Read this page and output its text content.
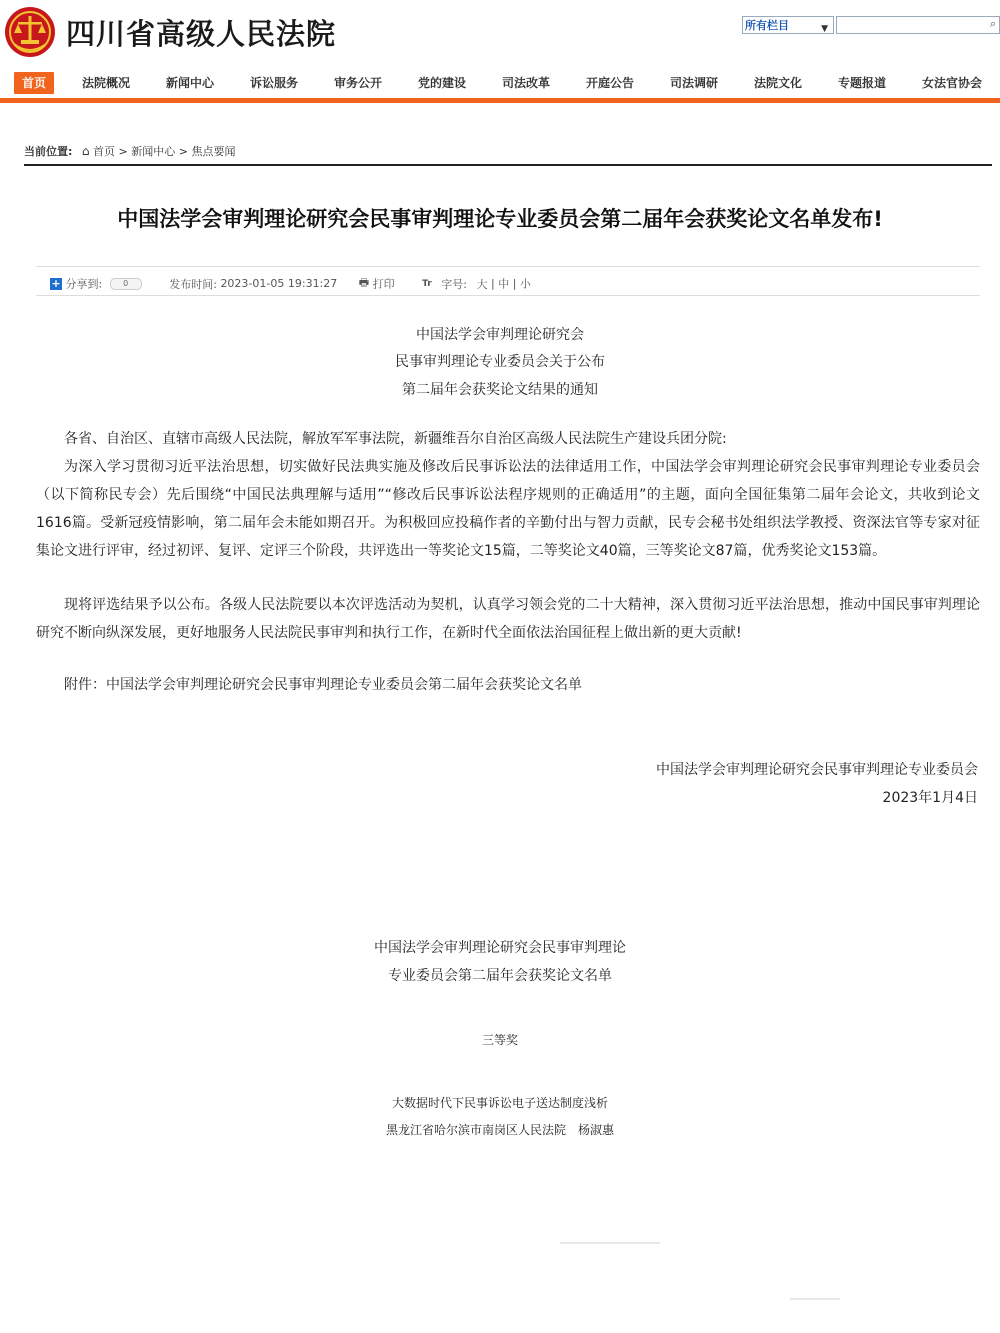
四川省高级人民法院	所有栏目	▼	⌕
首页	法院概况	新闻中心	诉讼服务	审务公开	党的建设	司法改革	开庭公告	司法调研	法院文化	专题报道	女法官协会
当前位置: ⌂ 首页 > 新闻中心 > 焦点要闻
中国法学会审判理论研究会民事审判理论专业委员会第二届年会获奖论文名单发布!
+ 分享到:	0	发布时间: 2023-01-05 19:31:27 🖶 打印	Tr 字号: 大 | 中 | 小
中国法学会审判理论研究会
民事审判理论专业委员会关于公布
第二届年会获奖论文结果的通知
各省、自治区、直辖市高级人民法院，解放军军事法院，新疆维吾尔自治区高级人民法院生产建设兵团分院:
为深入学习贯彻习近平法治思想，切实做好民法典实施及修改后民事诉讼法的法律适用工作，中国法学会审判理论研究会民事审判理论专业委员会（以下简称民专会）先后围绕“中国民法典理解与适用”“修改后民事诉讼法程序规则的正确适用”的主题，面向全国征集第二届年会论文，共收到论文1616篇。受新冠疫情影响，第二届年会未能如期召开。为积极回应投稿作者的辛勤付出与智力贡献，民专会秘书处组织法学教授、资深法官等专家对征集论文进行评审，经过初评、复评、定评三个阶段，共评选出一等奖论文15篇，二等奖论文40篇，三等奖论文87篇，优秀奖论文153篇。
现将评选结果予以公布。各级人民法院要以本次评选活动为契机，认真学习领会党的二十大精神，深入贯彻习近平法治思想，推动中国民事审判理论研究不断向纵深发展，更好地服务人民法院民事审判和执行工作，在新时代全面依法治国征程上做出新的更大贡献!
附件：中国法学会审判理论研究会民事审判理论专业委员会第二届年会获奖论文名单
中国法学会审判理论研究会民事审判理论专业委员会
2023年1月4日
中国法学会审判理论研究会民事审判理论
专业委员会第二届年会获奖论文名单
三等奖
大数据时代下民事诉讼电子送达制度浅析
黑龙江省哈尔滨市南岗区人民法院　杨淑惠
